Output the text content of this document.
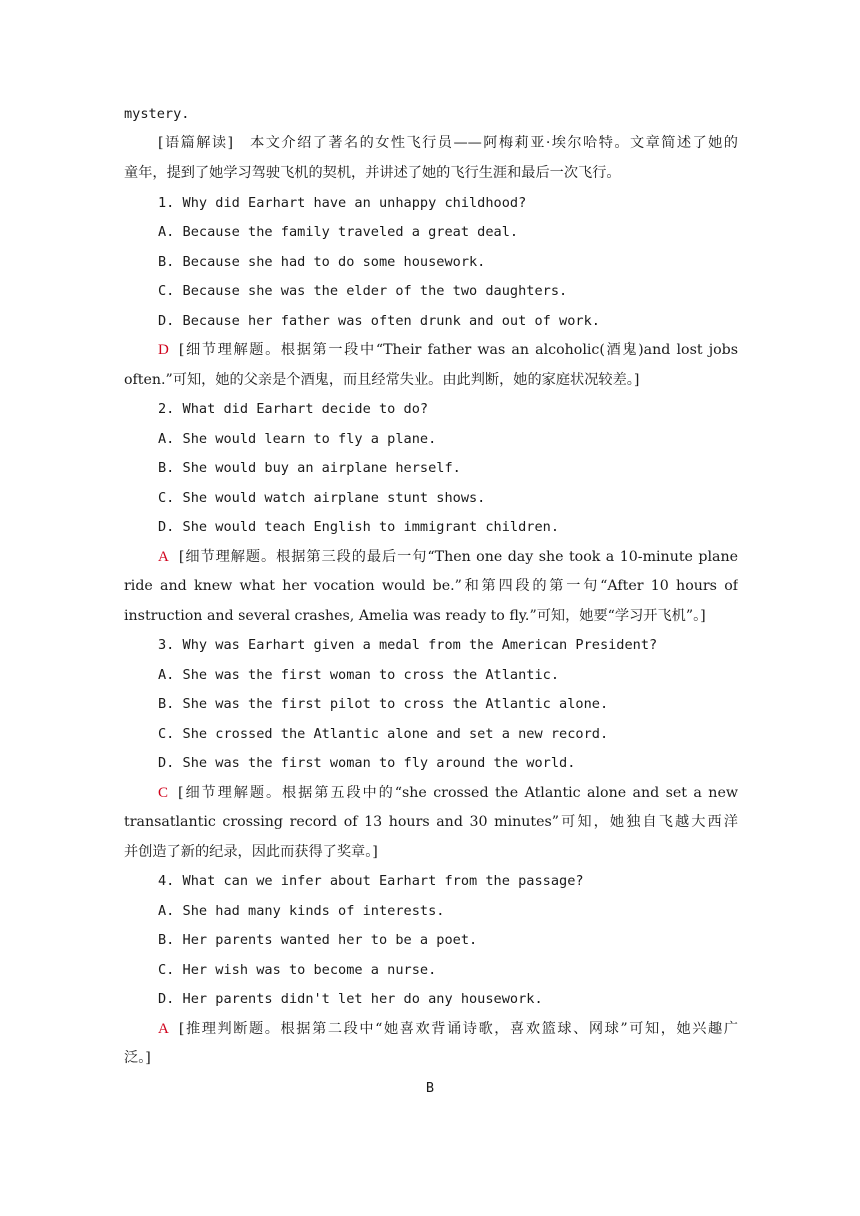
mystery.
[语篇解读]　本文介绍了著名的女性飞行员——阿梅莉亚·埃尔哈特。文章简述了她的
童年，提到了她学习驾驶飞机的契机，并讲述了她的飞行生涯和最后一次飞行。
1. Why did Earhart have an unhappy childhood?
A. Because the family traveled a great deal.
B. Because she had to do some housework.
C. Because she was the elder of the two daughters.
D. Because her father was often drunk and out of work.
D [细节理解题。根据第一段中“Their father was an alcoholic(酒鬼)and lost jobs
often.”可知，她的父亲是个酒鬼，而且经常失业。由此判断，她的家庭状况较差。]
2. What did Earhart decide to do?
A. She would learn to fly a plane.
B. She would buy an airplane herself.
C. She would watch airplane stunt shows.
D. She would teach English to immigrant children.
A [细节理解题。根据第三段的最后一句“Then one day she took a 10-minute plane
ride and knew what her vocation would be.”和第四段的第一句“After 10 hours of
instruction and several crashes, Amelia was ready to fly.”可知，她要“学习开飞机”。]
3. Why was Earhart given a medal from the American President?
A. She was the first woman to cross the Atlantic.
B. She was the first pilot to cross the Atlantic alone.
C. She crossed the Atlantic alone and set a new record.
D. She was the first woman to fly around the world.
C [细节理解题。根据第五段中的“she crossed the Atlantic alone and set a new
transatlantic crossing record of 13 hours and 30 minutes”可知，她独自飞越大西洋
并创造了新的纪录，因此而获得了奖章。]
4. What can we infer about Earhart from the passage?
A. She had many kinds of interests.
B. Her parents wanted her to be a poet.
C. Her wish was to become a nurse.
D. Her parents didn't let her do any housework.
A [推理判断题。根据第二段中“她喜欢背诵诗歌，喜欢篮球、网球”可知，她兴趣广
泛。]
B
